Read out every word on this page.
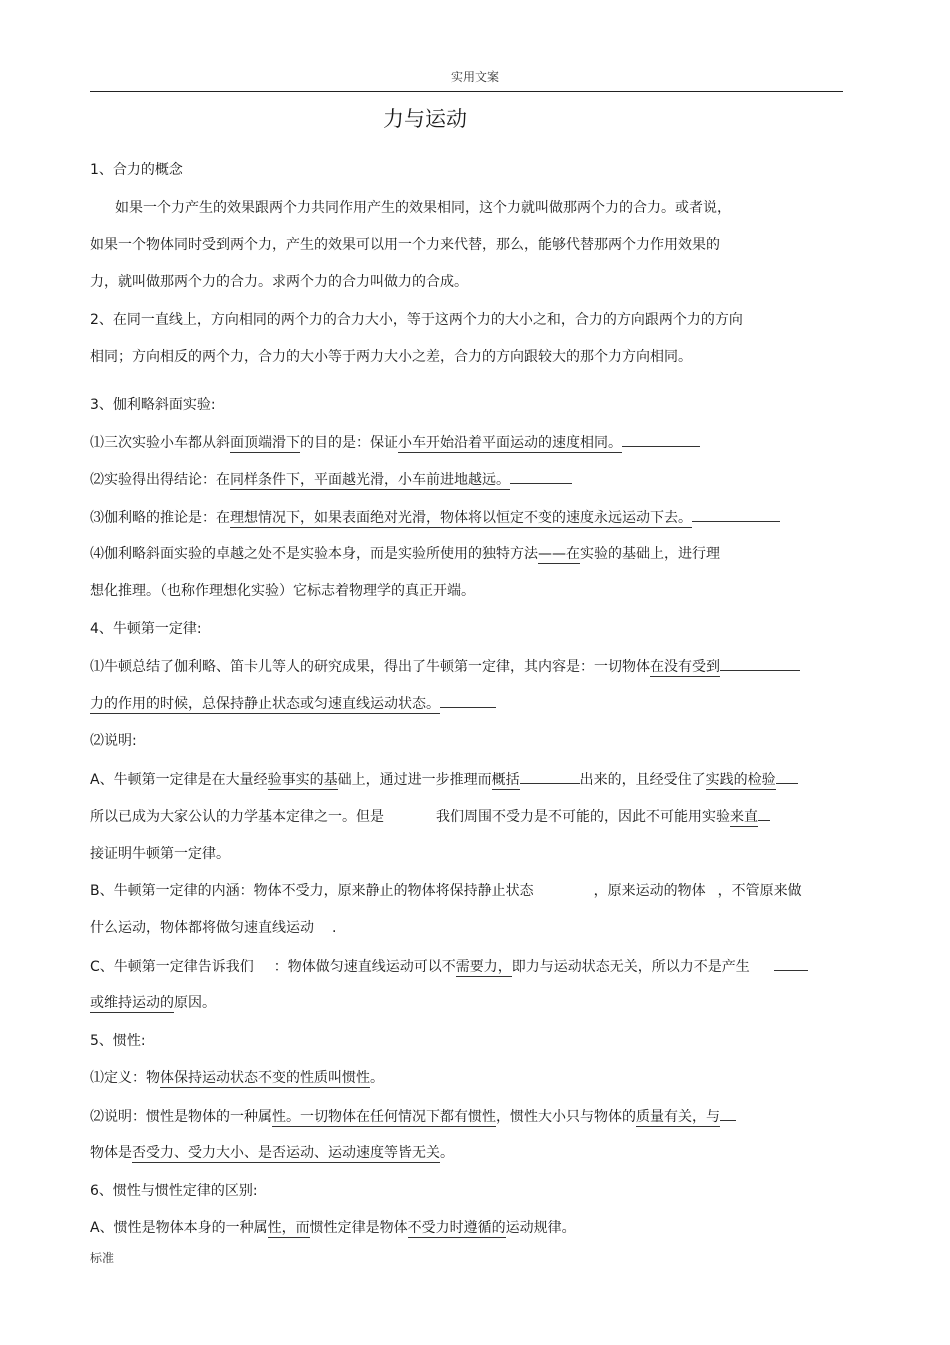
实用文案
力与运动
1、合力的概念
如果一个力产生的效果跟两个力共同作用产生的效果相同，这个力就叫做那两个力的合力。或者说，
如果一个物体同时受到两个力，产生的效果可以用一个力来代替，那么，能够代替那两个力作用效果的
力，就叫做那两个力的合力。求两个力的合力叫做力的合成。
2、在同一直线上，方向相同的两个力的合力大小，等于这两个力的大小之和，合力的方向跟两个力的方向
相同；方向相反的两个力，合力的大小等于两力大小之差，合力的方向跟较大的那个力方向相同。
3、伽利略斜面实验:
⑴三次实验小车都从斜面顶端滑下的目的是：保证小车开始沿着平面运动的速度相同。
⑵实验得出得结论：在同样条件下，平面越光滑，小车前进地越远。
⑶伽利略的推论是：在理想情况下，如果表面绝对光滑，物体将以恒定不变的速度永远运动下去。
⑷伽利略斜面实验的卓越之处不是实验本身，而是实验所使用的独特方法——在实验的基础上，进行理
想化推理。（也称作理想化实验）它标志着物理学的真正开端。
4、牛顿第一定律:
⑴牛顿总结了伽利略、笛卡儿等人的研究成果，得出了牛顿第一定律，其内容是：一切物体在没有受到
力的作用的时候，总保持静止状态或匀速直线运动状态。
⑵说明:
A、牛顿第一定律是在大量经验事实的基础上，通过进一步推理而概括	出来的，且经受住了实践的检验
所以已成为大家公认的力学基本定律之一。但是	我们周围不受力是不可能的，因此不可能用实验来直
接证明牛顿第一定律。
B、牛顿第一定律的内涵：物体不受力，原来静止的物体将保持静止状态	，原来运动的物体 ，不管原来做
什么运动，物体都将做匀速直线运动 .
C、牛顿第一定律告诉我们 ：物体做匀速直线运动可以不需要力，即力与运动状态无关，所以力不是产生
或维持运动的原因。
5、惯性:
⑴定义：物体保持运动状态不变的性质叫惯性。
⑵说明：惯性是物体的一种属性。一切物体在任何情况下都有惯性，惯性大小只与物体的质量有关，与
物体是否受力、受力大小、是否运动、运动速度等皆无关。
6、惯性与惯性定律的区别:
A、惯性是物体本身的一种属性，而惯性定律是物体不受力时遵循的运动规律。
标准
